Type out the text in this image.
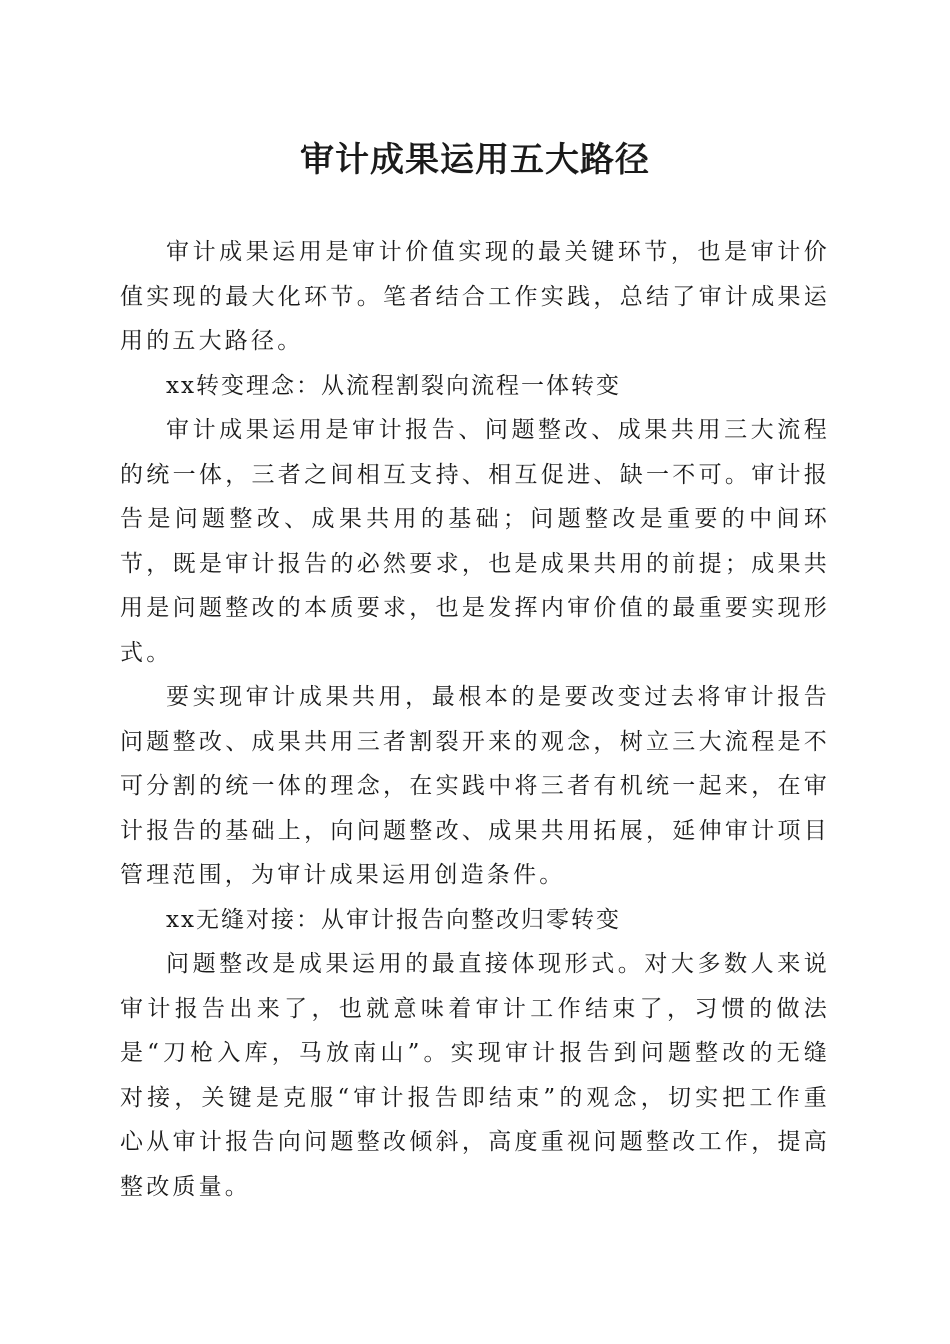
审计成果运用五大路径

审计成果运用是审计价值实现的最关键环节，也是审计价值实现的最大化环节。笔者结合工作实践，总结了审计成果运用的五大路径。

xx转变理念：从流程割裂向流程一体转变

审计成果运用是审计报告、问题整改、成果共用三大流程的统一体，三者之间相互支持、相互促进、缺一不可。审计报告是问题整改、成果共用的基础；问题整改是重要的中间环节，既是审计报告的必然要求，也是成果共用的前提；成果共用是问题整改的本质要求，也是发挥内审价值的最重要实现形式。

要实现审计成果共用，最根本的是要改变过去将审计报告问题整改、成果共用三者割裂开来的观念，树立三大流程是不可分割的统一体的理念，在实践中将三者有机统一起来，在审计报告的基础上，向问题整改、成果共用拓展，延伸审计项目管理范围，为审计成果运用创造条件。

xx无缝对接：从审计报告向整改归零转变

问题整改是成果运用的最直接体现形式。对大多数人来说审计报告出来了，也就意味着审计工作结束了，习惯的做法是“刀枪入库，马放南山”。实现审计报告到问题整改的无缝对接，关键是克服“审计报告即结束”的观念，切实把工作重心从审计报告向问题整改倾斜，高度重视问题整改工作，提高整改质量。
